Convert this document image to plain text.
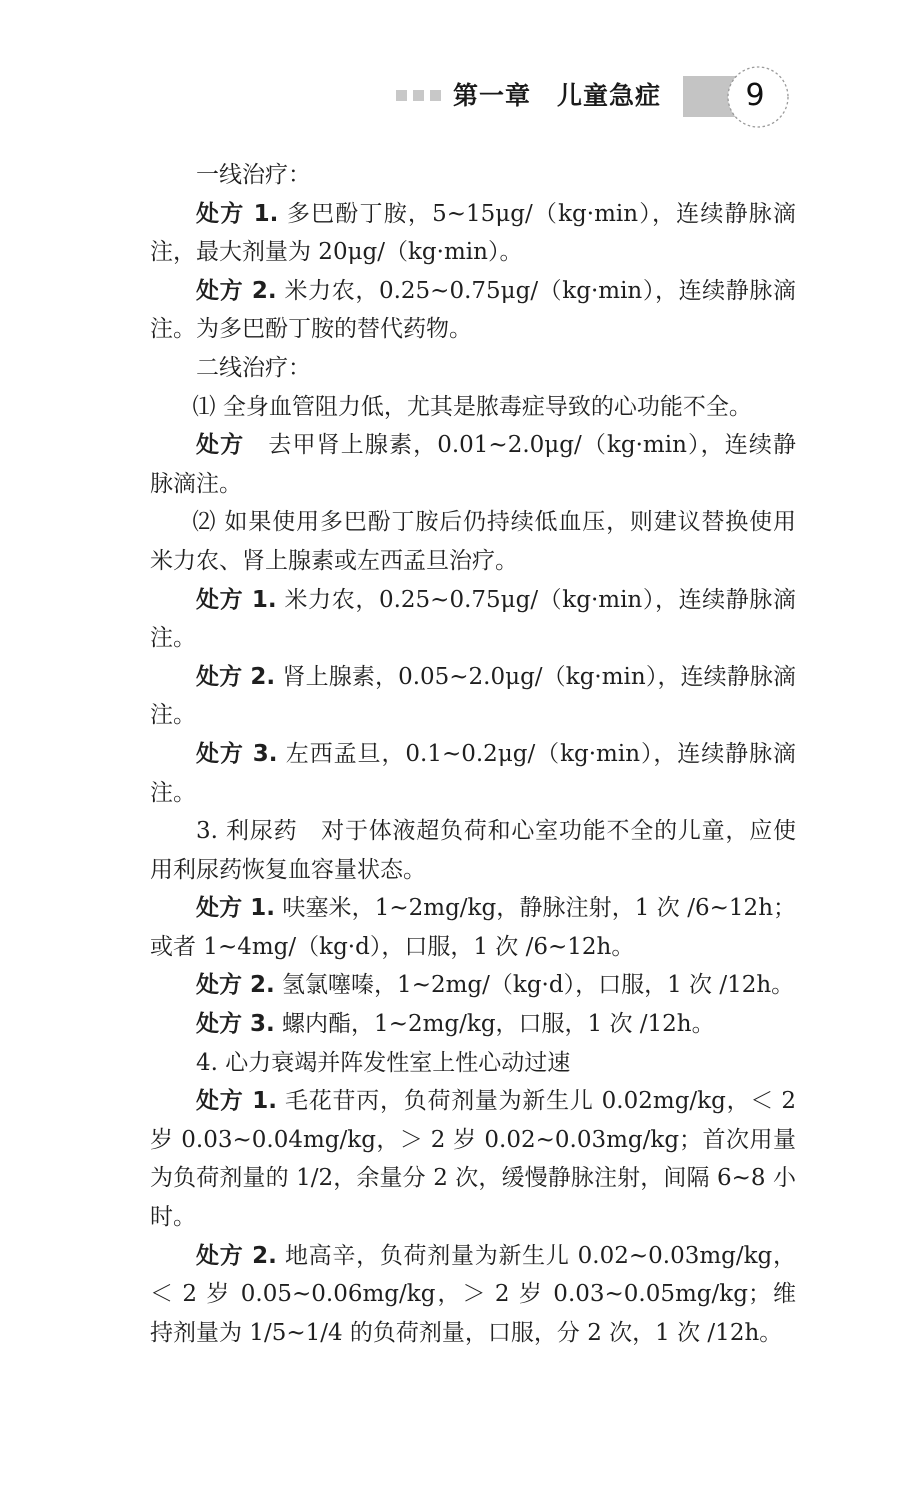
第一章　儿童急症	9

一线治疗：

处方 1. 多巴酚丁胺，5~15μg/（kg·min），连续静脉滴注，最大剂量为 20μg/（kg·min）。

处方 2. 米力农，0.25~0.75μg/（kg·min），连续静脉滴注。为多巴酚丁胺的替代药物。

二线治疗：

⑴ 全身血管阻力低，尤其是脓毒症导致的心功能不全。

处方　去甲肾上腺素，0.01~2.0μg/（kg·min），连续静脉滴注。

⑵ 如果使用多巴酚丁胺后仍持续低血压，则建议替换使用米力农、肾上腺素或左西孟旦治疗。

处方 1. 米力农，0.25~0.75μg/（kg·min），连续静脉滴注。

处方 2. 肾上腺素，0.05~2.0μg/（kg·min），连续静脉滴注。

处方 3. 左西孟旦，0.1~0.2μg/（kg·min），连续静脉滴注。

3. 利尿药　对于体液超负荷和心室功能不全的儿童，应使用利尿药恢复血容量状态。

处方 1. 呋塞米，1~2mg/kg，静脉注射，1 次 /6~12h；或者 1~4mg/（kg·d），口服，1 次 /6~12h。

处方 2. 氢氯噻嗪，1~2mg/（kg·d），口服，1 次 /12h。

处方 3. 螺内酯，1~2mg/kg，口服，1 次 /12h。

4. 心力衰竭并阵发性室上性心动过速

处方 1. 毛花苷丙，负荷剂量为新生儿 0.02mg/kg，＜ 2 岁 0.03~0.04mg/kg，＞ 2 岁 0.02~0.03mg/kg；首次用量为负荷剂量的 1/2，余量分 2 次，缓慢静脉注射，间隔 6~8 小时。

处方 2. 地高辛，负荷剂量为新生儿 0.02~0.03mg/kg，＜ 2 岁 0.05~0.06mg/kg，＞ 2 岁 0.03~0.05mg/kg；维持剂量为 1/5~1/4 的负荷剂量，口服，分 2 次，1 次 /12h。
